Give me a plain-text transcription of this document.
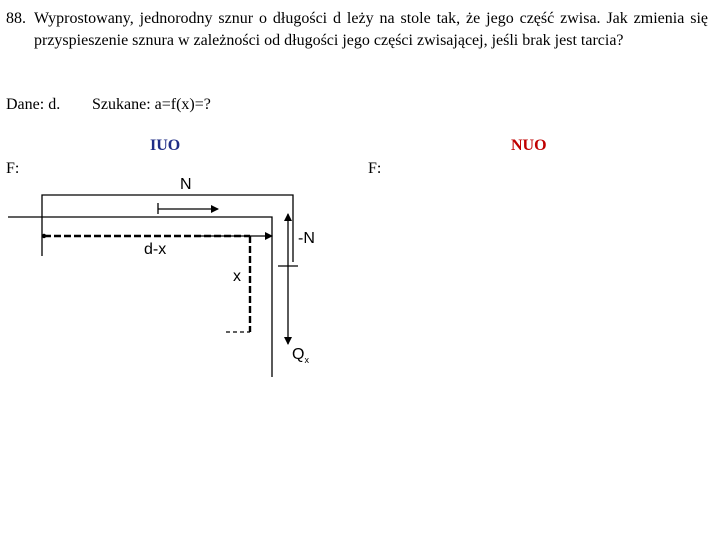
88. Wyprostowany, jednorodny sznur o długości d leży na stole tak, że jego część zwisa. Jak zmienia się przyspieszenie sznura w zależności od długości jego części zwisającej, jeśli brak jest tarcia?
Dane: d. Szukane: a=f(x)=?
IUO	NUO
F:	F:
N
-N
d-x
x
$Q_x$
